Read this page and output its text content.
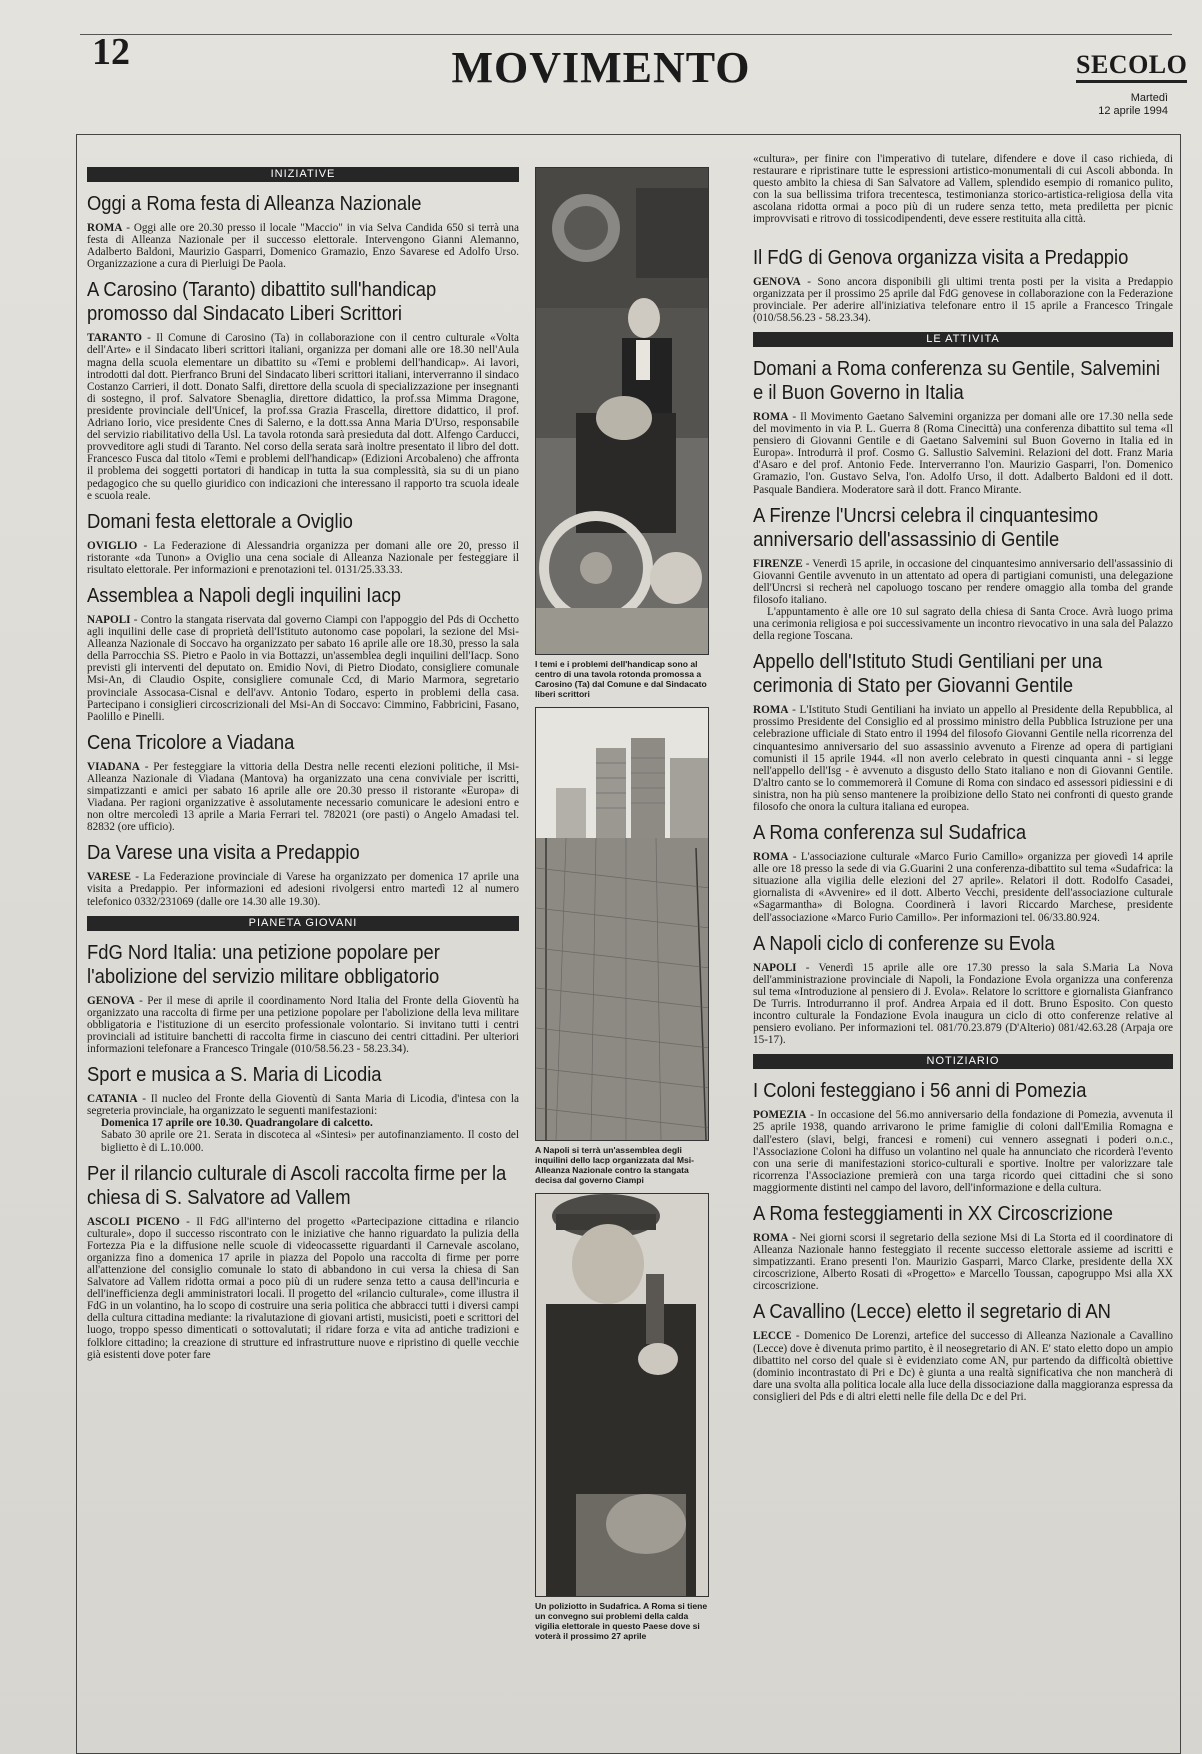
12	MOVIMENTO	SECOLO
Martedì
12 aprile 1994
INIZIATIVE
Oggi a Roma festa di Alleanza Nazionale

ROMA - Oggi alle ore 20.30 presso il locale "Maccio" in via Selva Candida 650 si terrà una festa di Alleanza Nazionale per il successo elettorale. Intervengono Gianni Alemanno, Adalberto Baldoni, Maurizio Gasparri, Domenico Gramazio, Enzo Savarese ed Adolfo Urso. Organizzazione a cura di Pierluigi De Paola.

A Carosino (Taranto) dibattito sull'handicap promosso dal Sindacato Liberi Scrittori

TARANTO - Il Comune di Carosino (Ta) in collaborazione con il centro culturale «Volta dell'Arte» e il Sindacato liberi scrittori italiani, organizza per domani alle ore 18.30 nell'Aula magna della scuola elementare un dibattito su «Temi e problemi dell'handicap». Ai lavori, introdotti dal dott. Pierfranco Bruni del Sindacato liberi scrittori italiani, interverranno il sindaco Costanzo Carrieri, il dott. Donato Salfi, direttore della scuola di specializzazione per insegnanti di sostegno, il prof. Salvatore Sbenaglia, direttore didattico, la prof.ssa Mimma Dragone, presidente provinciale dell'Unicef, la prof.ssa Grazia Frascella, direttore didattico, il prof. Adriano Iorio, vice presidente Cnes di Salerno, e la dott.ssa Anna Maria D'Urso, responsabile del servizio riabilitativo della Usl. La tavola rotonda sarà presieduta dal dott. Alfengo Carducci, provveditore agli studi di Taranto. Nel corso della serata sarà inoltre presentato il libro del dott. Francesco Fusca dal titolo «Temi e problemi dell'handicap» (Edizioni Arcobaleno) che affronta il problema dei soggetti portatori di handicap in tutta la sua complessità, sia su di un piano pedagogico che su quello giuridico con indicazioni che interessano il rapporto tra scuola ideale e scuola reale.

Domani festa elettorale a Oviglio

OVIGLIO - La Federazione di Alessandria organizza per domani alle ore 20, presso il ristorante «da Tunon» a Oviglio una cena sociale di Alleanza Nazionale per festeggiare il risultato elettorale. Per informazioni e prenotazioni tel. 0131/25.33.33.

Assemblea a Napoli degli inquilini Iacp

NAPOLI - Contro la stangata riservata dal governo Ciampi con l'appoggio del Pds di Occhetto agli inquilini delle case di proprietà dell'Istituto autonomo case popolari, la sezione del Msi-Alleanza Nazionale di Soccavo ha organizzato per sabato 16 aprile alle ore 18.30, presso la sala della Parrocchia SS. Pietro e Paolo in via Bottazzi, un'assemblea degli inquilini dell'Iacp. Sono previsti gli interventi del deputato on. Emidio Novi, di Pietro Diodato, consigliere comunale Msi-An, di Claudio Ospite, consigliere comunale Ccd, di Mario Marmora, segretario provinciale Assocasa-Cisnal e dell'avv. Antonio Todaro, esperto in problemi della casa. Partecipano i consiglieri circoscrizionali del Msi-An di Soccavo: Cimmino, Fabbricini, Fasano, Paolillo e Pinelli.

Cena Tricolore a Viadana

VIADANA - Per festeggiare la vittoria della Destra nelle recenti elezioni politiche, il Msi-Alleanza Nazionale di Viadana (Mantova) ha organizzato una cena conviviale per iscritti, simpatizzanti e amici per sabato 16 aprile alle ore 20.30 presso il ristorante «Europa» di Viadana. Per ragioni organizzative è assolutamente necessario comunicare le adesioni entro e non oltre mercoledì 13 aprile a Maria Ferrari tel. 782021 (ore pasti) o Angelo Amadasi tel. 82832 (ore ufficio).

Da Varese una visita a Predappio

VARESE - La Federazione provinciale di Varese ha organizzato per domenica 17 aprile una visita a Predappio. Per informazioni ed adesioni rivolgersi entro martedì 12 al numero telefonico 0332/231069 (dalle ore 14.30 alle 19.30).

PIANETA GIOVANI
FdG Nord Italia: una petizione popolare per l'abolizione del servizio militare obbligatorio

GENOVA - Per il mese di aprile il coordinamento Nord Italia del Fronte della Gioventù ha organizzato una raccolta di firme per una petizione popolare per l'abolizione della leva militare obbligatoria e l'istituzione di un esercito professionale volontario. Si invitano tutti i centri provinciali ad istituire banchetti di raccolta firme in ciascuno dei centri cittadini. Per ulteriori informazioni telefonare a Francesco Tringale (010/58.56.23 - 58.23.34).

Sport e musica a S. Maria di Licodia

CATANIA - Il nucleo del Fronte della Gioventù di Santa Maria di Licodia, d'intesa con la segreteria provinciale, ha organizzato le seguenti manifestazioni:

Domenica 17 aprile ore 10.30. Quadrangolare di calcetto.

Sabato 30 aprile ore 21. Serata in discoteca al «Sintesi» per autofinanziamento. Il costo del biglietto è di L.10.000.

Per il rilancio culturale di Ascoli raccolta firme per la chiesa di S. Salvatore ad Vallem

ASCOLI PICENO - Il FdG all'interno del progetto «Partecipazione cittadina e rilancio culturale», dopo il successo riscontrato con le iniziative che hanno riguardato la pulizia della Fortezza Pia e la diffusione nelle scuole di videocassette riguardanti il Carnevale ascolano, organizza fino a domenica 17 aprile in piazza del Popolo una raccolta di firme per porre all'attenzione del consiglio comunale lo stato di abbandono in cui versa la chiesa di San Salvatore ad Vallem ridotta ormai a poco più di un rudere senza tetto a causa dell'incuria e dell'inefficienza degli amministratori locali. Il progetto del «rilancio culturale», come illustra il FdG in un volantino, ha lo scopo di costruire una seria politica che abbracci tutti i diversi campi della cultura cittadina mediante: la rivalutazione di giovani artisti, musicisti, poeti e scrittori del luogo, troppo spesso dimenticati o sottovalutati; il ridare forza e vita ad antiche tradizioni e folklore cittadino; la creazione di strutture ed infrastrutture nuove e ripristino di quelle vecchie già esistenti dove poter fare

I temi e i problemi dell'handicap sono al centro di una tavola rotonda promossa a Carosino (Ta) dal Comune e dal Sindacato liberi scrittori
A Napoli si terrà un'assemblea degli inquilini dello Iacp organizzata dal Msi-Alleanza Nazionale contro la stangata decisa dal governo Ciampi
Un poliziotto in Sudafrica. A Roma si tiene un convegno sui problemi della calda vigilia elettorale in questo Paese dove si voterà il prossimo 27 aprile

«cultura», per finire con l'imperativo di tutelare, difendere e dove il caso richieda, di restaurare e ripristinare tutte le espressioni artistico-monumentali di cui Ascoli abbonda. In questo ambito la chiesa di San Salvatore ad Vallem, splendido esempio di romanico pulito, con la sua bellissima trifora trecentesca, testimonianza storico-artistica-religiosa della vita ascolana ridotta ormai a poco più di un rudere senza tetto, meta prediletta per picnic improvvisati e ritrovo di tossicodipendenti, deve essere restituita alla città.

Il FdG di Genova organizza visita a Predappio

GENOVA - Sono ancora disponibili gli ultimi trenta posti per la visita a Predappio organizzata per il prossimo 25 aprile dal FdG genovese in collaborazione con la Federazione provinciale. Per aderire all'iniziativa telefonare entro il 15 aprile a Francesco Tringale (010/58.56.23 - 58.23.34).

LE ATTIVITA
Domani a Roma conferenza su Gentile, Salvemini e il Buon Governo in Italia

ROMA - Il Movimento Gaetano Salvemini organizza per domani alle ore 17.30 nella sede del movimento in via P. L. Guerra 8 (Roma Cinecittà) una conferenza dibattito sul tema «Il pensiero di Giovanni Gentile e di Gaetano Salvemini sul Buon Governo in Italia ed in Europa». Introdurrà il prof. Cosmo G. Sallustio Salvemini. Relazioni del dott. Franz Maria d'Asaro e del prof. Antonio Fede. Interverranno l'on. Maurizio Gasparri, l'on. Domenico Gramazio, l'on. Gustavo Selva, l'on. Adolfo Urso, il dott. Adalberto Baldoni ed il dott. Pasquale Bandiera. Moderatore sarà il dott. Franco Mirante.

A Firenze l'Uncrsi celebra il cinquantesimo anniversario dell'assassinio di Gentile

FIRENZE - Venerdì 15 aprile, in occasione del cinquantesimo anniversario dell'assassinio di Giovanni Gentile avvenuto in un attentato ad opera di partigiani comunisti, una delegazione dell'Uncrsi si recherà nel capoluogo toscano per rendere omaggio alla tomba del grande filosofo italiano.

L'appuntamento è alle ore 10 sul sagrato della chiesa di Santa Croce. Avrà luogo prima una cerimonia religiosa e poi successivamente un incontro rievocativo in una sala del Palazzo della regione Toscana.

Appello dell'Istituto Studi Gentiliani per una cerimonia di Stato per Giovanni Gentile

ROMA - L'Istituto Studi Gentiliani ha inviato un appello al Presidente della Repubblica, al prossimo Presidente del Consiglio ed al prossimo ministro della Pubblica Istruzione per una celebrazione ufficiale di Stato entro il 1994 del filosofo Giovanni Gentile nella ricorrenza del cinquantesimo anniversario del suo assassinio avvenuto a Firenze ad opera di partigiani comunisti il 15 aprile 1944. «Il non averlo celebrato in questi cinquanta anni - si legge nell'appello dell'Isg - è avvenuto a disgusto dello Stato italiano e non di Giovanni Gentile. D'altro canto se lo commemorerà il Comune di Roma con sindaco ed assessori pidiessini e di sinistra, non ha più senso mantenere la proibizione dello Stato nei confronti di questo grande filosofo che onora la cultura italiana ed europea.

A Roma conferenza sul Sudafrica

ROMA - L'associazione culturale «Marco Furio Camillo» organizza per giovedì 14 aprile alle ore 18 presso la sede di via G.Guarini 2 una conferenza-dibattito sul tema «Sudafrica: la situazione alla vigilia delle elezioni del 27 aprile». Relatori il dott. Rodolfo Casadei, giornalista di «Avvenire» ed il dott. Alberto Vecchi, presidente dell'associazione culturale «Sagarmantha» di Bologna. Coordinerà i lavori Riccardo Marchese, presidente dell'associazione «Marco Furio Camillo». Per informazioni tel. 06/33.80.924.

A Napoli ciclo di conferenze su Evola

NAPOLI - Venerdì 15 aprile alle ore 17.30 presso la sala S.Maria La Nova dell'amministrazione provinciale di Napoli, la Fondazione Evola organizza una conferenza sul tema «Introduzione al pensiero di J. Evola». Relatore lo scrittore e giornalista Gianfranco De Turris. Introdurranno il prof. Andrea Arpaia ed il dott. Bruno Esposito. Con questo incontro culturale la Fondazione Evola inaugura un ciclo di otto conferenze relative al pensiero evoliano. Per informazioni tel. 081/70.23.879 (D'Alterio) 081/42.63.28 (Arpaja ore 15-17).

NOTIZIARIO
I Coloni festeggiano i 56 anni di Pomezia

POMEZIA - In occasione del 56.mo anniversario della fondazione di Pomezia, avvenuta il 25 aprile 1938, quando arrivarono le prime famiglie di coloni dall'Emilia Romagna e dall'estero (slavi, belgi, francesi e romeni) cui vennero assegnati i poderi o.n.c., l'Associazione Coloni ha diffuso un volantino nel quale ha annunciato che ricorderà l'evento con una serie di manifestazioni storico-culturali e sportive. Inoltre per valorizzare tale ricorrenza l'Associazione premierà con una targa ricordo quei cittadini che si sono maggiormente distinti nel campo del lavoro, dell'informazione e della cultura.

A Roma festeggiamenti in XX Circoscrizione

ROMA - Nei giorni scorsi il segretario della sezione Msi di La Storta ed il coordinatore di Alleanza Nazionale hanno festeggiato il recente successo elettorale assieme ad iscritti e simpatizzanti. Erano presenti l'on. Maurizio Gasparri, Marco Clarke, presidente della XX circoscrizione, Alberto Rosati di «Progetto» e Marcello Toussan, capogruppo Msi alla XX circoscrizione.

A Cavallino (Lecce) eletto il segretario di AN

LECCE - Domenico De Lorenzi, artefice del successo di Alleanza Nazionale a Cavallino (Lecce) dove è divenuta primo partito, è il neosegretario di AN. E' stato eletto dopo un ampio dibattito nel corso del quale si è evidenziato come AN, pur partendo da difficoltà obiettive (dominio incontrastato di Pri e Dc) è giunta a una realtà significativa che non mancherà di dare una svolta alla politica locale alla luce della dissociazione dalla maggioranza espressa da consiglieri del Pds e di altri eletti nelle file della Dc e del Pri.
